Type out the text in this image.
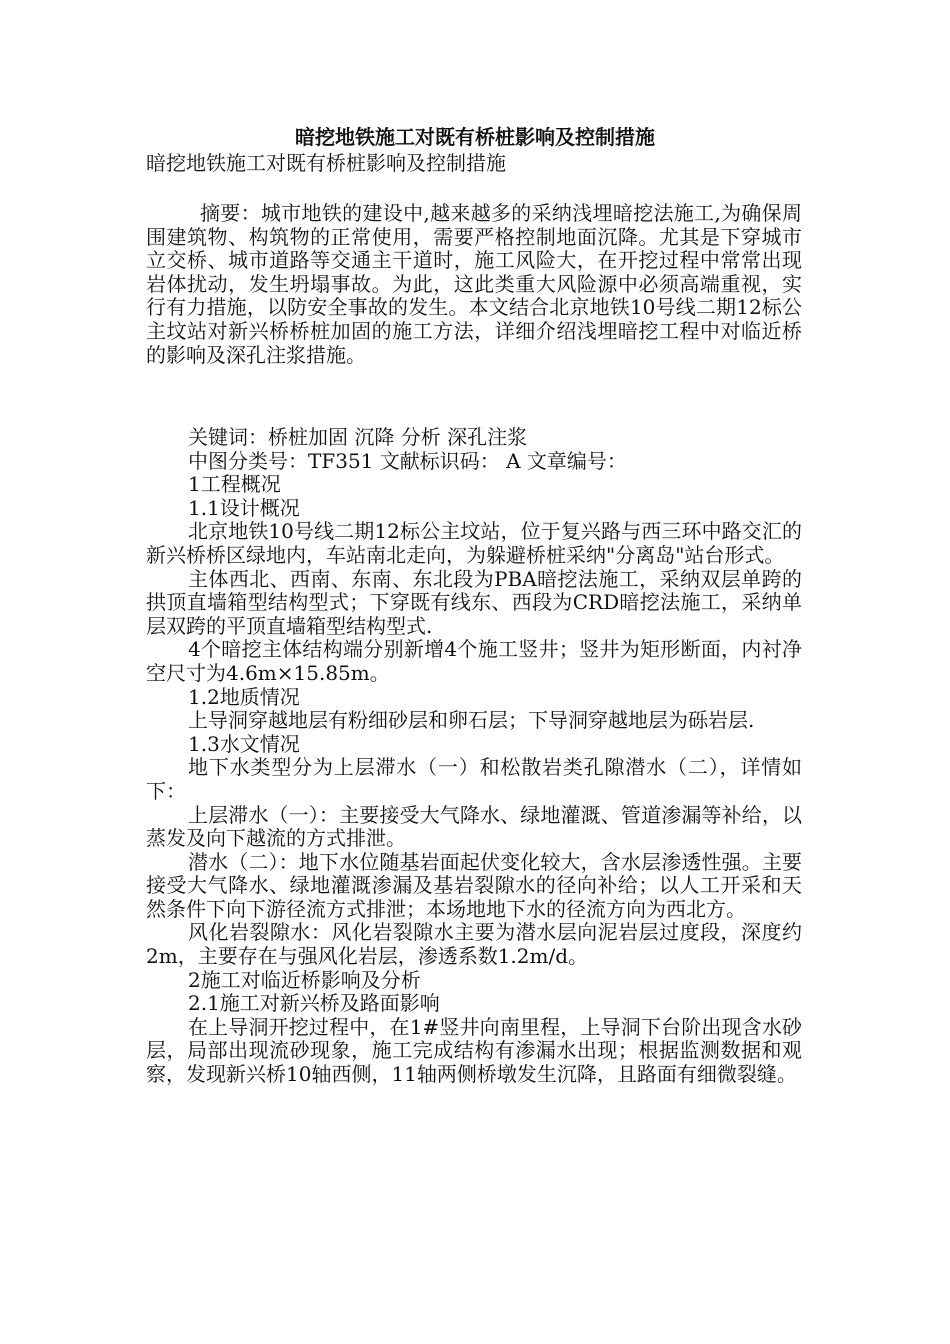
暗挖地铁施工对既有桥桩影响及控制措施
暗挖地铁施工对既有桥桩影响及控制措施
摘要：城市地铁的建设中,越来越多的采纳浅埋暗挖法施工,为确保周围建筑物、构筑物的正常使用，需要严格控制地面沉降。尤其是下穿城市立交桥、城市道路等交通主干道时，施工风险大，在开挖过程中常常出现岩体扰动，发生坍塌事故。为此，这此类重大风险源中必须高端重视，实行有力措施，以防安全事故的发生。本文结合北京地铁10号线二期12标公主坟站对新兴桥桥桩加固的施工方法，详细介绍浅埋暗挖工程中对临近桥的影响及深孔注浆措施。

关键词：桥桩加固 沉降 分析 深孔注浆

中图分类号：TF351 文献标识码： A 文章编号：

1工程概况

1.1设计概况

北京地铁10号线二期12标公主坟站，位于复兴路与西三环中路交汇的新兴桥桥区绿地内，车站南北走向，为躲避桥桩采纳"分离岛"站台形式。

主体西北、西南、东南、东北段为PBA暗挖法施工，采纳双层单跨的拱顶直墙箱型结构型式；下穿既有线东、西段为CRD暗挖法施工，采纳单层双跨的平顶直墙箱型结构型式.

4个暗挖主体结构端分别新增4个施工竖井；竖井为矩形断面，内衬净空尺寸为4.6m×15.85m。

1.2地质情况

上导洞穿越地层有粉细砂层和卵石层；下导洞穿越地层为砾岩层.

1.3水文情况

地下水类型分为上层滞水（一）和松散岩类孔隙潜水（二），详情如下：

上层滞水（一）：主要接受大气降水、绿地灌溉、管道渗漏等补给，以蒸发及向下越流的方式排泄。

潜水（二）：地下水位随基岩面起伏变化较大，含水层渗透性强。主要接受大气降水、绿地灌溉渗漏及基岩裂隙水的径向补给；以人工开采和天然条件下向下游径流方式排泄；本场地地下水的径流方向为西北方。

风化岩裂隙水：风化岩裂隙水主要为潜水层向泥岩层过度段，深度约2m，主要存在与强风化岩层，渗透系数1.2m/d。

2施工对临近桥影响及分析

2.1施工对新兴桥及路面影响

在上导洞开挖过程中，在1#竖井向南里程，上导洞下台阶出现含水砂层，局部出现流砂现象，施工完成结构有渗漏水出现；根据监测数据和观察，发现新兴桥10轴西侧，11轴两侧桥墩发生沉降，且路面有细微裂缝。
